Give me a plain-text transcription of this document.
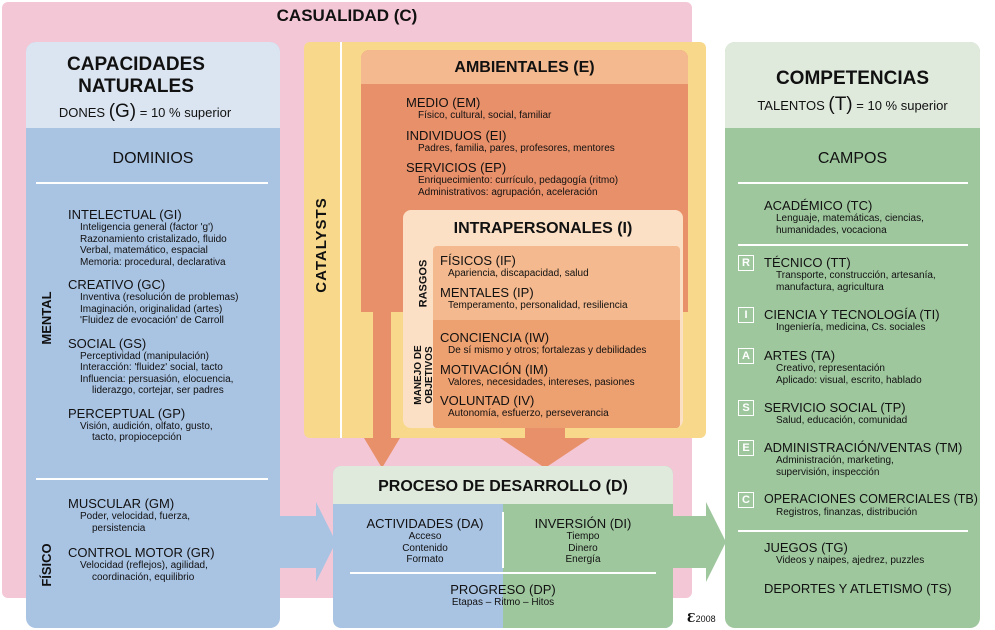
CASUALIDAD (C)
CAPACIDADES
NATURALES
DONES (G) = 10 % superior
DOMINIOS
MENTAL
INTELECTUAL (GI)
Inteligencia general (factor 'g')
Razonamiento cristalizado, fluido
Verbal, matemático, espacial
Memoria: procedural, declarativa
CREATIVO (GC)
Inventiva (resolución de problemas)
Imaginación, originalidad (artes)
'Fluidez de evocación' de Carroll
SOCIAL (GS)
Perceptividad (manipulación)
Interacción: 'fluidez' social, tacto
Influencia: persuasión, elocuencia,
liderazgo, cortejar, ser padres
PERCEPTUAL (GP)
Visión, audición, olfato, gusto,
tacto, propiocepción
FÍSICO
MUSCULAR (GM)
Poder, velocidad, fuerza,
persistencia
CONTROL MOTOR (GR)
Velocidad (reflejos), agilidad,
coordinación, equilibrio
CATALYSTS
AMBIENTALES (E)
MEDIO (EM)
Físico, cultural, social, familiar
INDIVIDUOS (EI)
Padres, familia, pares, profesores, mentores
SERVICIOS (EP)
Enriquecimiento: currículo, pedagogía (ritmo)
Administrativos: agrupación, aceleración
INTRAPERSONALES (I)
RASGOS
MANEJO DE OBJETIVOS
FÍSICOS (IF)
Apariencia, discapacidad, salud
MENTALES (IP)
Temperamento, personalidad, resiliencia
CONCIENCIA (IW)
De sí mismo y otros; fortalezas y debilidades
MOTIVACIÓN (IM)
Valores, necesidades, intereses, pasiones
VOLUNTAD (IV)
Autonomía, esfuerzo, perseverancia
PROCESO DE DESARROLLO (D)
ACTIVIDADES (DA)
Acceso
Contenido
Formato
INVERSIÓN (DI)
Tiempo
Dinero
Energía
PROGRESO (DP)
Etapas – Ritmo – Hitos
Ɛ2008
COMPETENCIAS
TALENTOS (T) = 10 % superior
CAMPOS
ACADÉMICO (TC)
Lenguaje, matemáticas, ciencias,
humanidades, vocaciona
R	TÉCNICO (TT)
Transporte, construcción, artesanía,
manufactura, agricultura
I	CIENCIA Y TECNOLOGÍA (TI)
Ingeniería, medicina, Cs. sociales
A	ARTES (TA)
Creativo, representación
Aplicado: visual, escrito, hablado
S	SERVICIO SOCIAL (TP)
Salud, educación, comunidad
E	ADMINISTRACIÓN/VENTAS (TM)
Administración, marketing,
supervisión, inspección
C	OPERACIONES COMERCIALES (TB)
Registros, finanzas, distribución
JUEGOS (TG)
Videos y naipes, ajedrez, puzzles
DEPORTES Y ATLETISMO (TS)
